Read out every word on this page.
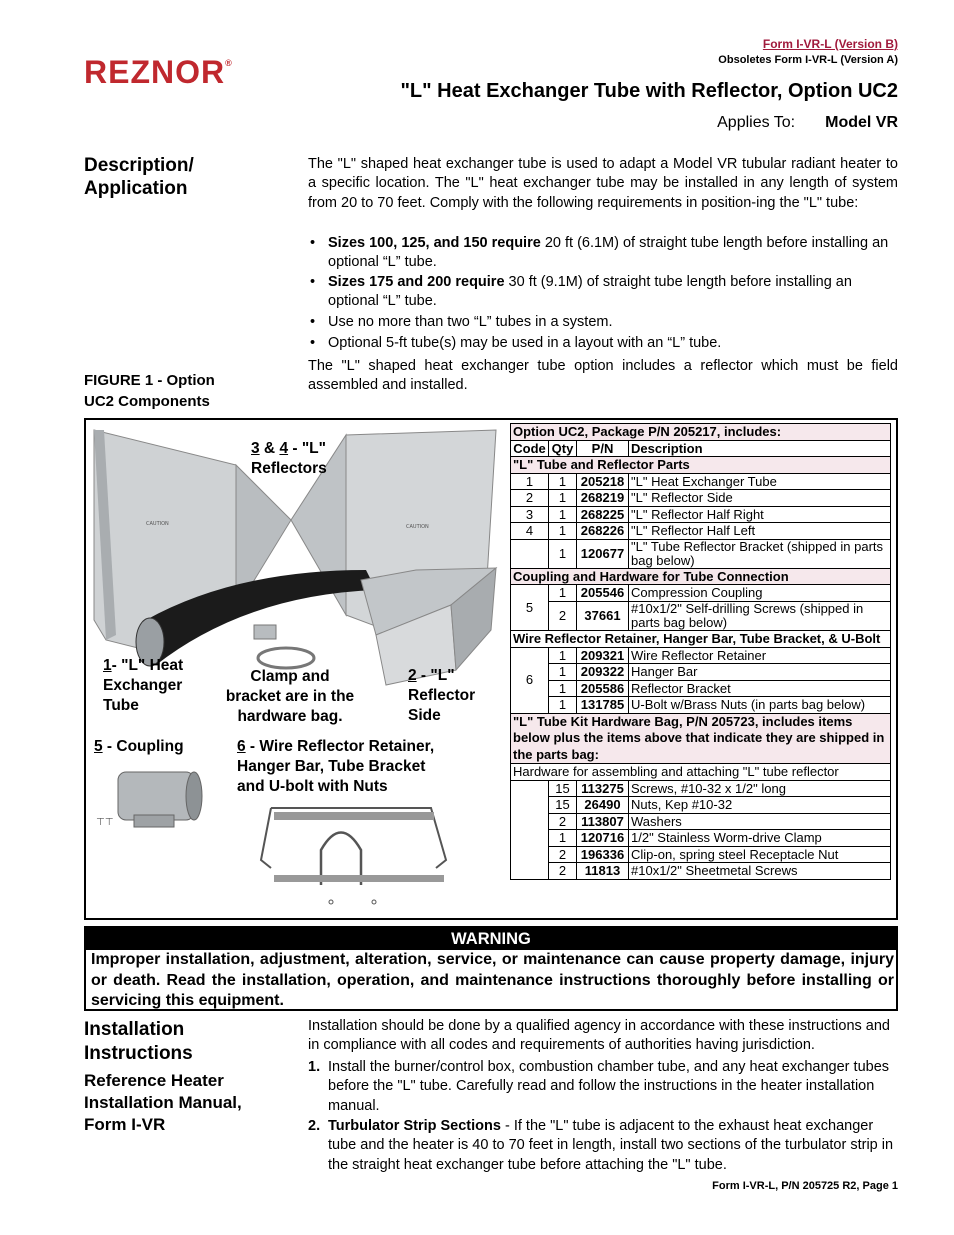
REZNOR®
Form I-VR-L (Version B)
Obsoletes Form I-VR-L (Version A)
"L" Heat Exchanger Tube with Reflector, Option UC2
Applies To: Model VR
Description/
Application
The "L" shaped heat exchanger tube is used to adapt a Model VR tubular radiant heater to a specific location. The "L" heat exchanger tube may be installed in any length of system from 20 to 70 feet. Comply with the following requirements in position-ing the "L" tube:
• Sizes 100, 125, and 150 require 20 ft (6.1M) of straight tube length before installing an optional “L” tube.
• Sizes 175 and 200 require 30 ft (9.1M) of straight tube length before installing an optional “L” tube.
• Use no more than two “L” tubes in a system.
• Optional 5-ft tube(s) may be used in a layout with an “L” tube.
The "L" shaped heat exchanger tube option includes a reflector which must be field assembled and installed.
FIGURE 1 - Option
UC2 Components
CAUTION	CAUTION
⊤⊤
3 & 4 - "L"
Reflectors
1- "L" Heat
Exchanger
Tube
Clamp and
bracket are in the
hardware bag.
2 - "L"
Reflector
Side
5 - Coupling	6 - Wire Reflector Retainer,
Hanger Bar, Tube Bracket
and U-bolt with Nuts
Option UC2, Package P/N 205217, includes:			
Code	Qty	P/N	Description
"L" Tube and Reflector Parts			
1	1	205218	"L" Heat Exchanger Tube
2	1	268219	"L" Reflector Side
3	1	268225	"L" Reflector Half Right
4	1	268226	"L" Reflector Half Left
	1	120677	"L" Tube Reflector Bracket (shipped in parts bag below)
Coupling and Hardware for Tube Connection			
5	1	205546	Compression Coupling
	2	37661	#10x1/2" Self-drilling Screws (shipped in parts bag below)
Wire Reflector Retainer, Hanger Bar, Tube Bracket, & U-Bolt			
6	1	209321	Wire Reflector Retainer
	1	209322	Hanger Bar
	1	205586	Reflector Bracket
	1	131785	U-Bolt w/Brass Nuts (in parts bag below)
"L" Tube Kit Hardware Bag, P/N 205723, includes items below plus the items above that indicate they are shipped in the parts bag:			
Hardware for assembling and attaching "L" tube reflector			
	15	113275	Screws, #10-32 x 1/2" long
	15	26490	Nuts, Kep #10-32
	2	113807	Washers
	1	120716	1/2" Stainless Worm-drive Clamp
	2	196336	Clip-on, spring steel Receptacle Nut
	2	11813	#10x1/2" Sheetmetal Screws
WARNING
Improper installation, adjustment, alteration, service, or maintenance can cause property damage, injury or death. Read the installation, operation, and maintenance instructions thoroughly before installing or servicing this equipment.
Installation
Instructions
Reference Heater
Installation Manual,
Form I-VR
Installation should be done by a qualified agency in accordance with these instructions and in compliance with all codes and requirements of authorities having jurisdiction.
1. Install the burner/control box, combustion chamber tube, and any heat exchanger tubes before the "L" tube. Carefully read and follow the instructions in the heater installation manual.
2. Turbulator Strip Sections - If the "L" tube is adjacent to the exhaust heat exchanger tube and the heater is 40 to 70 feet in length, install two sections of the turbulator strip in the straight heat exchanger tube before attaching the "L" tube.
Form I-VR-L, P/N 205725 R2, Page 1
